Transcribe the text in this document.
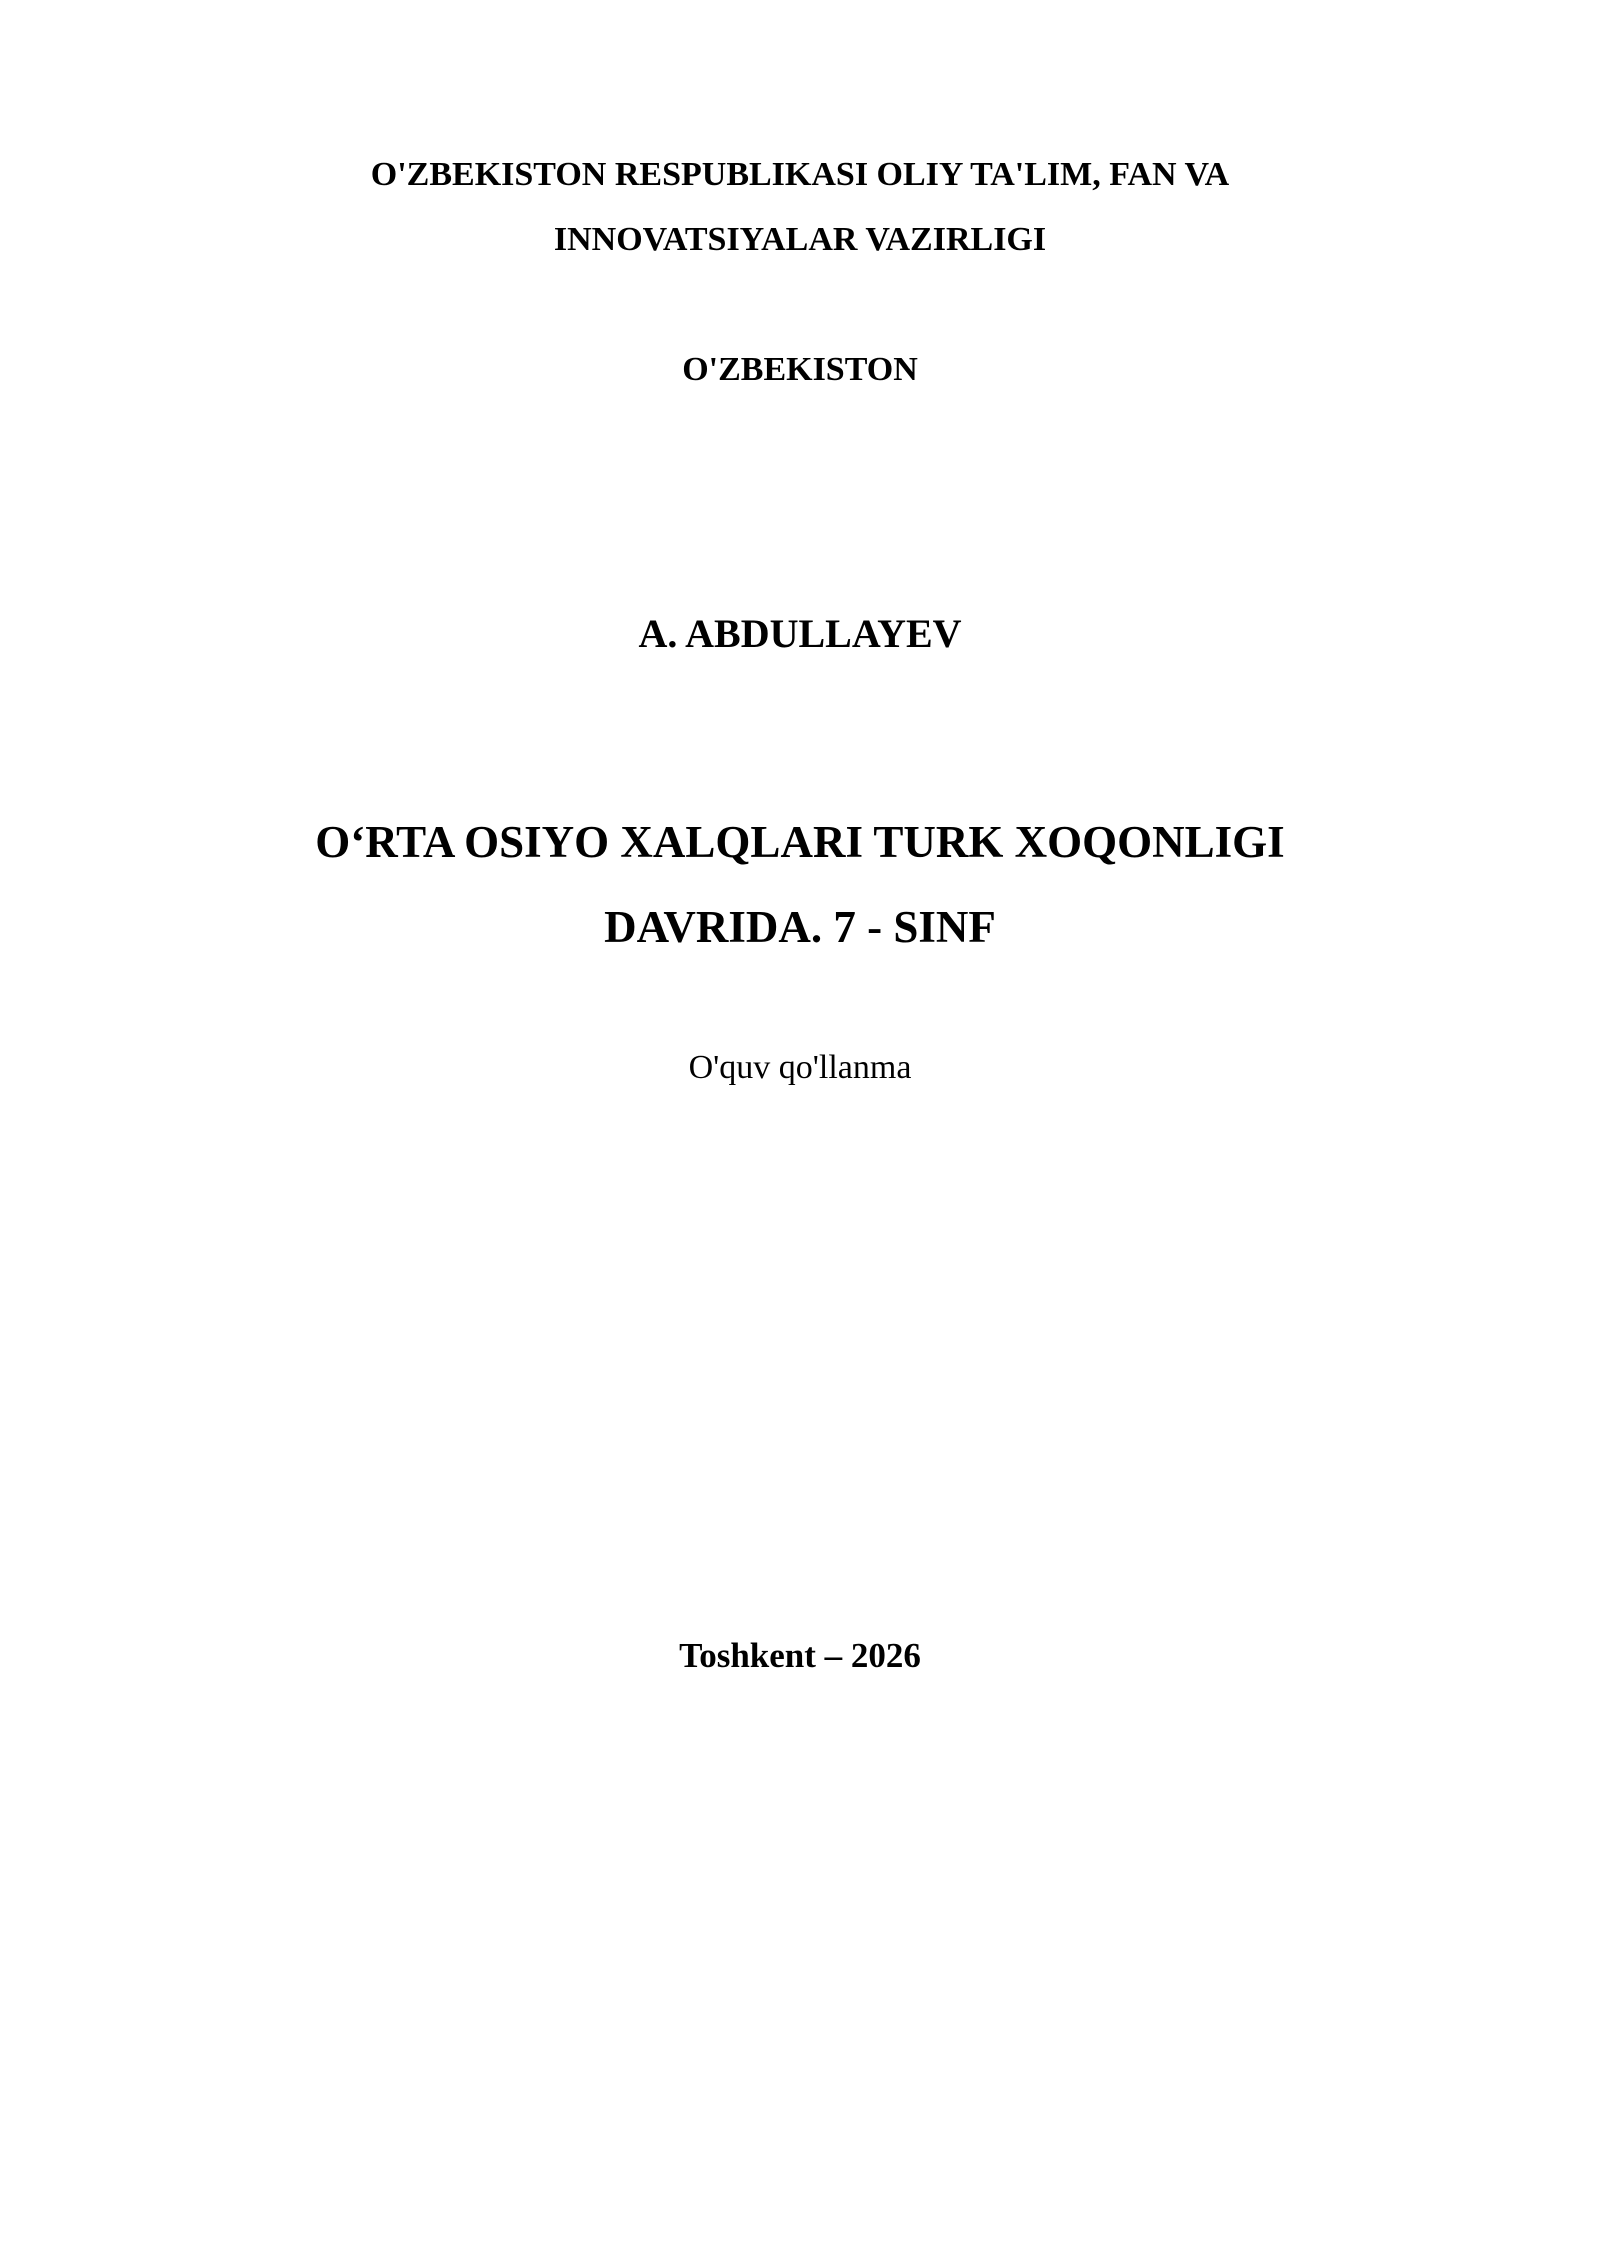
O'ZBEKISTON RESPUBLIKASI OLIY TA'LIM, FAN VA
INNOVATSIYALAR VAZIRLIGI
O'ZBEKISTON
A. ABDULLAYEV
O‘RTA OSIYO XALQLARI TURK XOQONLIGI
DAVRIDA. 7 - SINF
O'quv qo'llanma
Toshkent – 2026
